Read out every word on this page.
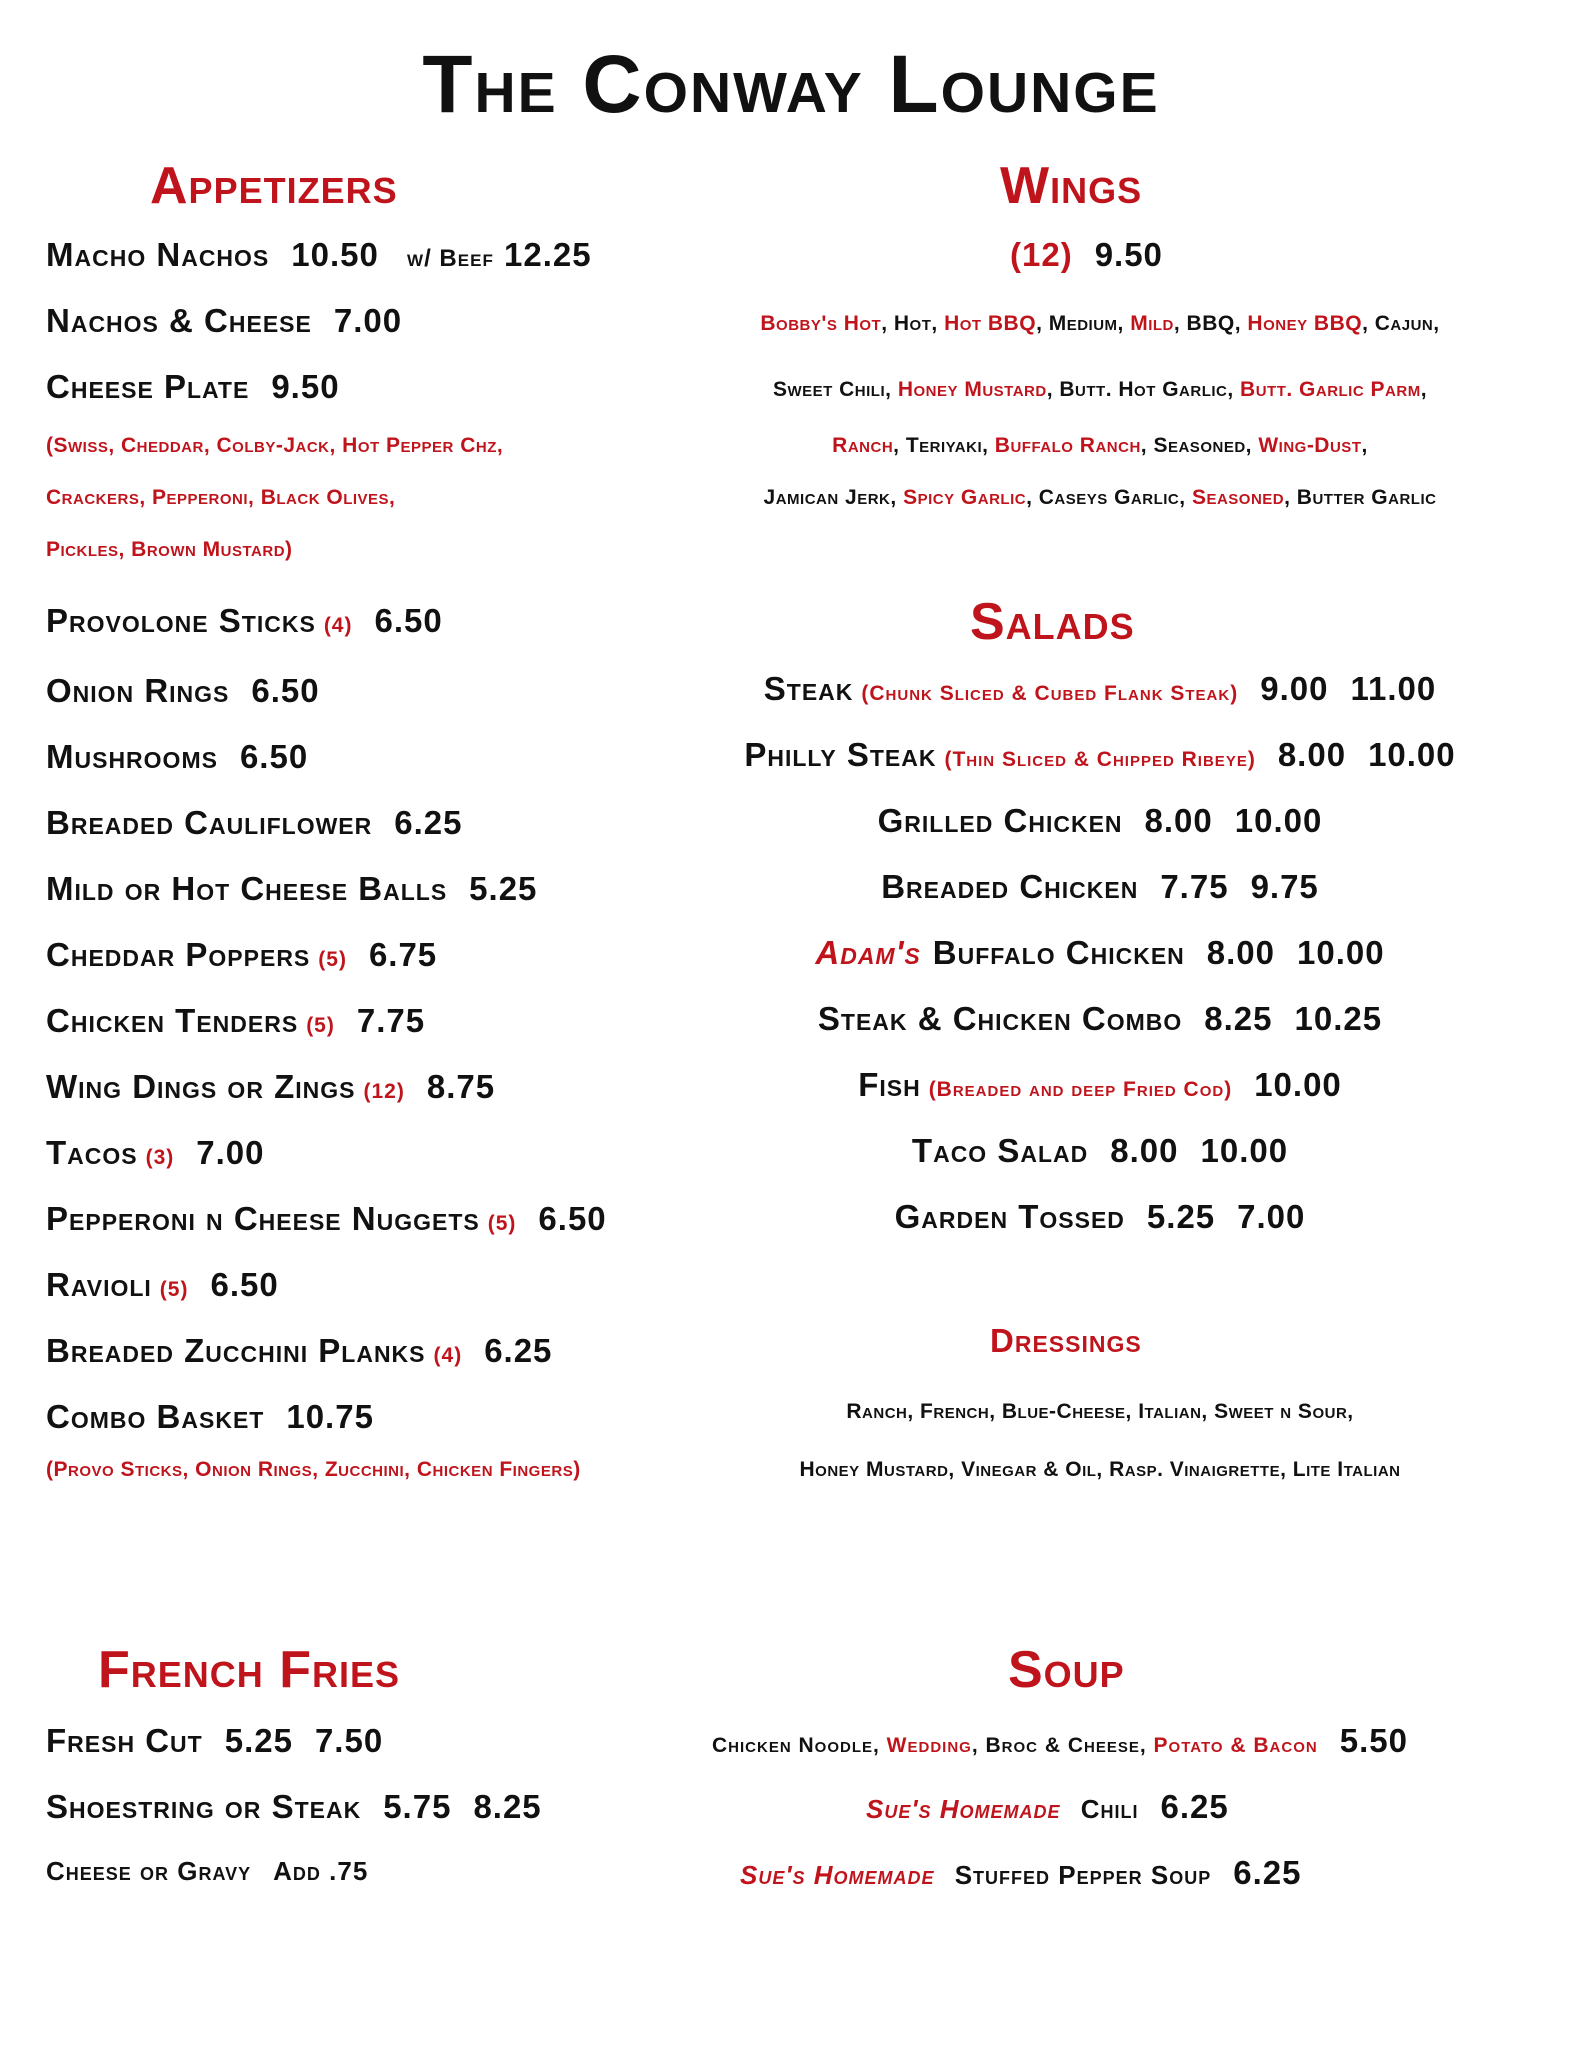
The Conway Lounge
Appetizers
Macho Nachos 10.50 w/ Beef 12.25
Nachos & Cheese 7.00
Cheese Plate 9.50
(Swiss, Cheddar, Colby-Jack, Hot Pepper Chz,
Crackers, Pepperoni, Black Olives,
Pickles, Brown Mustard)
(Provo Sticks, Onion Rings, Zucchini, Chicken Fingers)
Wings
(12) 9.50
Salads
Dressings
Ranch, French, Blue-Cheese, Italian, Sweet n Sour,
Honey Mustard, Vinegar & Oil, Rasp. Vinaigrette, Lite Italian
French Fries
Fresh Cut 5.25 7.50
Shoestring or Steak 5.75 8.25
Cheese or Gravy Add .75
Soup
Chicken Noodle, Wedding, Broc & Cheese, Potato & Bacon 5.50
Sue's Homemade Chili 6.25
Sue's Homemade Stuffed Pepper Soup 6.25
Provolone Sticks (4) 6.50
Onion Rings 6.50
Mushrooms 6.50
Breaded Cauliflower 6.25
Mild or Hot Cheese Balls 5.25
Cheddar Poppers (5) 6.75
Chicken Tenders (5) 7.75
Wing Dings or Zings (12) 8.75
Tacos (3) 7.00
Pepperoni n Cheese Nuggets (5) 6.50
Ravioli (5) 6.50
Breaded Zucchini Planks (4) 6.25
Combo Basket 10.75
Bobby's Hot, Hot, Hot BBQ, Medium, Mild, BBQ, Honey BBQ, Cajun,
Sweet Chili, Honey Mustard, Butt. Hot Garlic, Butt. Garlic Parm,
Ranch, Teriyaki, Buffalo Ranch, Seasoned, Wing-Dust,
Jamican Jerk, Spicy Garlic, Caseys Garlic, Seasoned, Butter Garlic
Steak (Chunk Sliced & Cubed Flank Steak) 9.00 11.00
Philly Steak (Thin Sliced & Chipped Ribeye) 8.00 10.00
Grilled Chicken 8.00 10.00
Breaded Chicken 7.75 9.75
Adam's Buffalo Chicken 8.00 10.00
Steak & Chicken Combo 8.25 10.25
Fish (Breaded and deep Fried Cod) 10.00
Taco Salad 8.00 10.00
Garden Tossed 5.25 7.00
